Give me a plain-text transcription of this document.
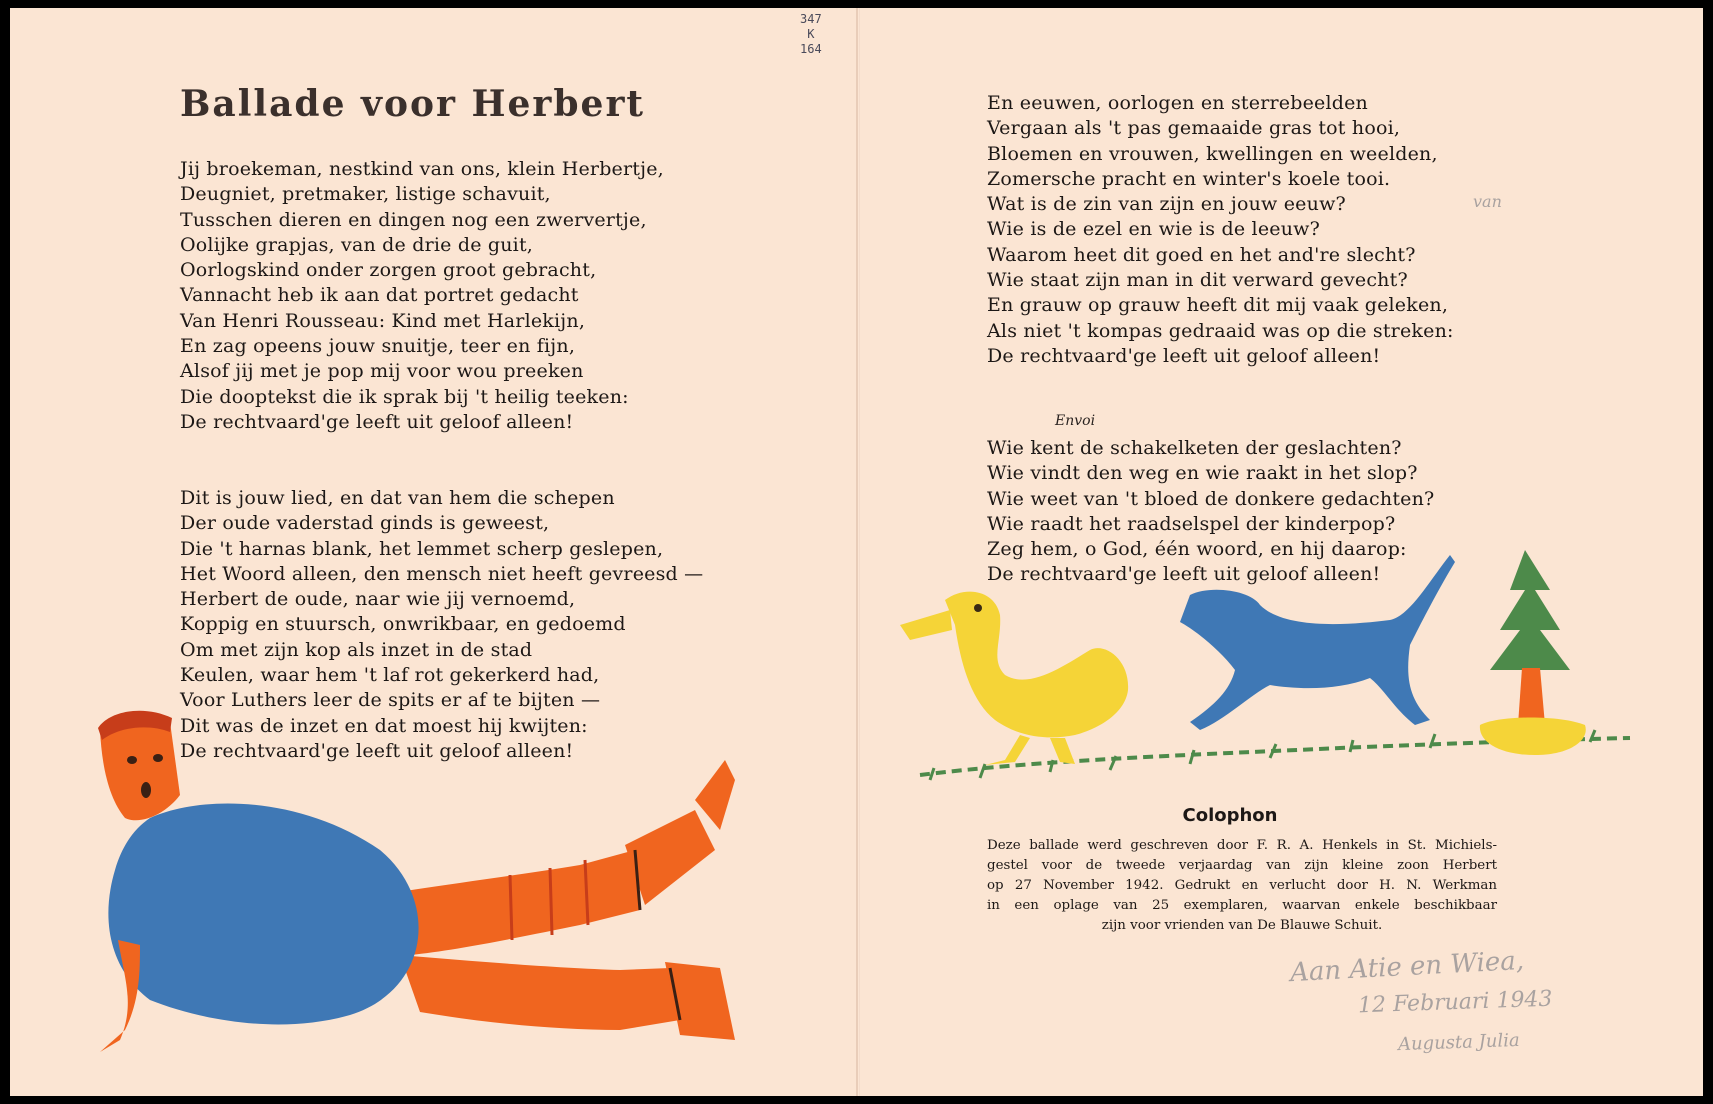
347
K
164
Ballade voor Herbert
Jij broekeman, nestkind van ons, klein Herbertje,
Deugniet, pretmaker, listige schavuit,
Tusschen dieren en dingen nog een zwervertje,
Oolijke grapjas, van de drie de guit,
Oorlogskind onder zorgen groot gebracht,
Vannacht heb ik aan dat portret gedacht
Van Henri Rousseau: Kind met Harlekijn,
En zag opeens jouw snuitje, teer en fijn,
Alsof jij met je pop mij voor wou preeken
Die dooptekst die ik sprak bij 't heilig teeken:
De rechtvaard'ge leeft uit geloof alleen!
Dit is jouw lied, en dat van hem die schepen
Der oude vaderstad ginds is geweest,
Die 't harnas blank, het lemmet scherp geslepen,
Het Woord alleen, den mensch niet heeft gevreesd —
Herbert de oude, naar wie jij vernoemd,
Koppig en stuursch, onwrikbaar, en gedoemd
Om met zijn kop als inzet in de stad
Keulen, waar hem 't laf rot gekerkerd had,
Voor Luthers leer de spits er af te bijten —
Dit was de inzet en dat moest hij kwijten:
De rechtvaard'ge leeft uit geloof alleen!
En eeuwen, oorlogen en sterrebeelden
Vergaan als 't pas gemaaide gras tot hooi,
Bloemen en vrouwen, kwellingen en weelden,
Zomersche pracht en winter's koele tooi.
Wat is de zin van zijn en jouw eeuw?
Wie is de ezel en wie is de leeuw?
Waarom heet dit goed en het and're slecht?
Wie staat zijn man in dit verward gevecht?
En grauw op grauw heeft dit mij vaak geleken,
Als niet 't kompas gedraaid was op die streken:
De rechtvaard'ge leeft uit geloof alleen!
van
Envoi
Wie kent de schakelketen der geslachten?
Wie vindt den weg en wie raakt in het slop?
Wie weet van 't bloed de donkere gedachten?
Wie raadt het raadselspel der kinderpop?
Zeg hem, o God, één woord, en hij daarop:
De rechtvaard'ge leeft uit geloof alleen!
Colophon
Deze ballade werd geschreven door F. R. A. Henkels in St. Michiels-
gestel voor de tweede verjaardag van zijn kleine zoon Herbert
op 27 November 1942. Gedrukt en verlucht door H. N. Werkman
in een oplage van 25 exemplaren, waarvan enkele beschikbaar
zijn voor vrienden van De Blauwe Schuit.
Aan Atie en Wiea,
12 Februari 1943
Augusta Julia
